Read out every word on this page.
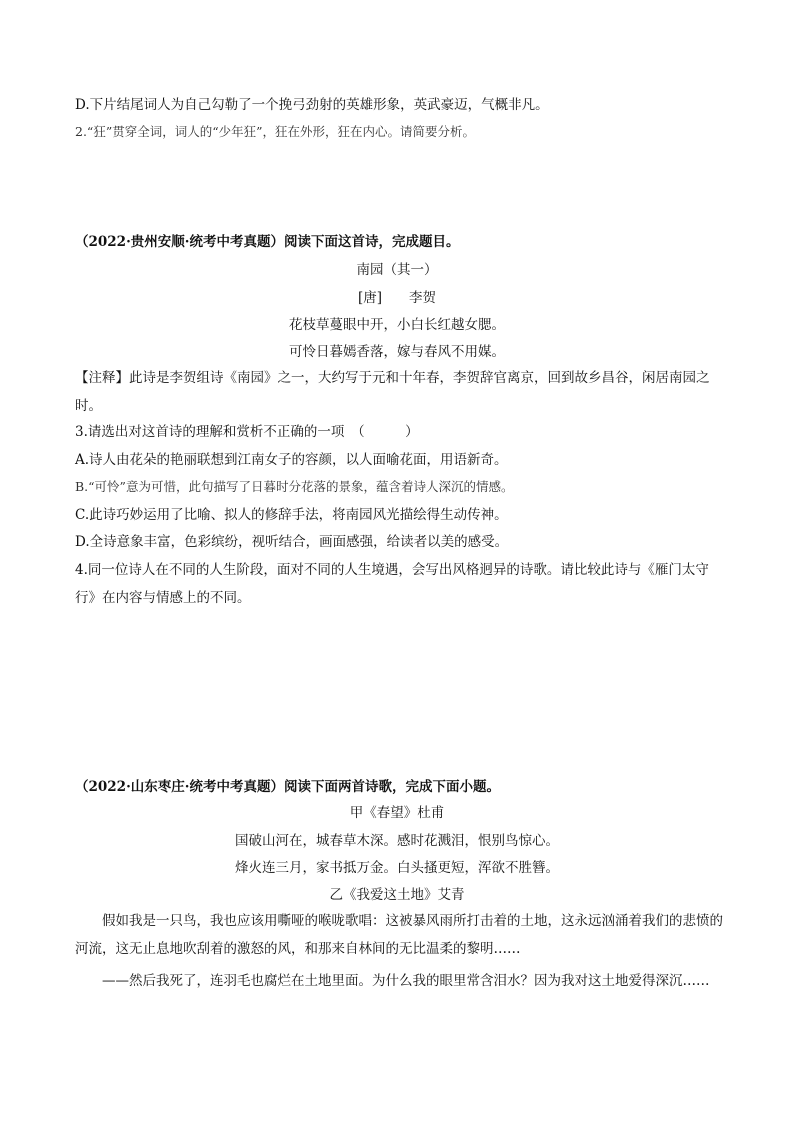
D.下片结尾词人为自己勾勒了一个挽弓劲射的英雄形象，英武豪迈，气概非凡。
2.“狂”贯穿全词，词人的“少年狂”，狂在外形，狂在内心。请简要分析。
（2022·贵州安顺·统考中考真题）阅读下面这首诗，完成题目。
南园（其一）
[唐]　　李贺
花枝草蔓眼中开，小白长红越女腮。
可怜日暮嫣香落，嫁与春风不用媒。
【注释】此诗是李贺组诗《南园》之一，大约写于元和十年春，李贺辞官离京，回到故乡昌谷，闲居南园之时。
3.请选出对这首诗的理解和赏析不正确的一项　（　　　）
A.诗人由花朵的艳丽联想到江南女子的容颜，以人面喻花面，用语新奇。
B.“可怜”意为可惜，此句描写了日暮时分花落的景象，蕴含着诗人深沉的情感。
C.此诗巧妙运用了比喻、拟人的修辞手法，将南园风光描绘得生动传神。
D.全诗意象丰富，色彩缤纷，视听结合，画面感强，给读者以美的感受。
4.同一位诗人在不同的人生阶段，面对不同的人生境遇，会写出风格迥异的诗歌。请比较此诗与《雁门太守行》在内容与情感上的不同。
（2022·山东枣庄·统考中考真题）阅读下面两首诗歌，完成下面小题。
甲《春望》杜甫
国破山河在，城春草木深。感时花溅泪，恨别鸟惊心。
烽火连三月，家书抵万金。白头搔更短，浑欲不胜簪。
乙《我爱这土地》艾青
假如我是一只鸟，我也应该用嘶哑的喉咙歌唱：这被暴风雨所打击着的土地，这永远汹涌着我们的悲愤的河流，这无止息地吹刮着的激怒的风，和那来自林间的无比温柔的黎明……
——然后我死了，连羽毛也腐烂在土地里面。为什么我的眼里常含泪水？因为我对这土地爱得深沉……
